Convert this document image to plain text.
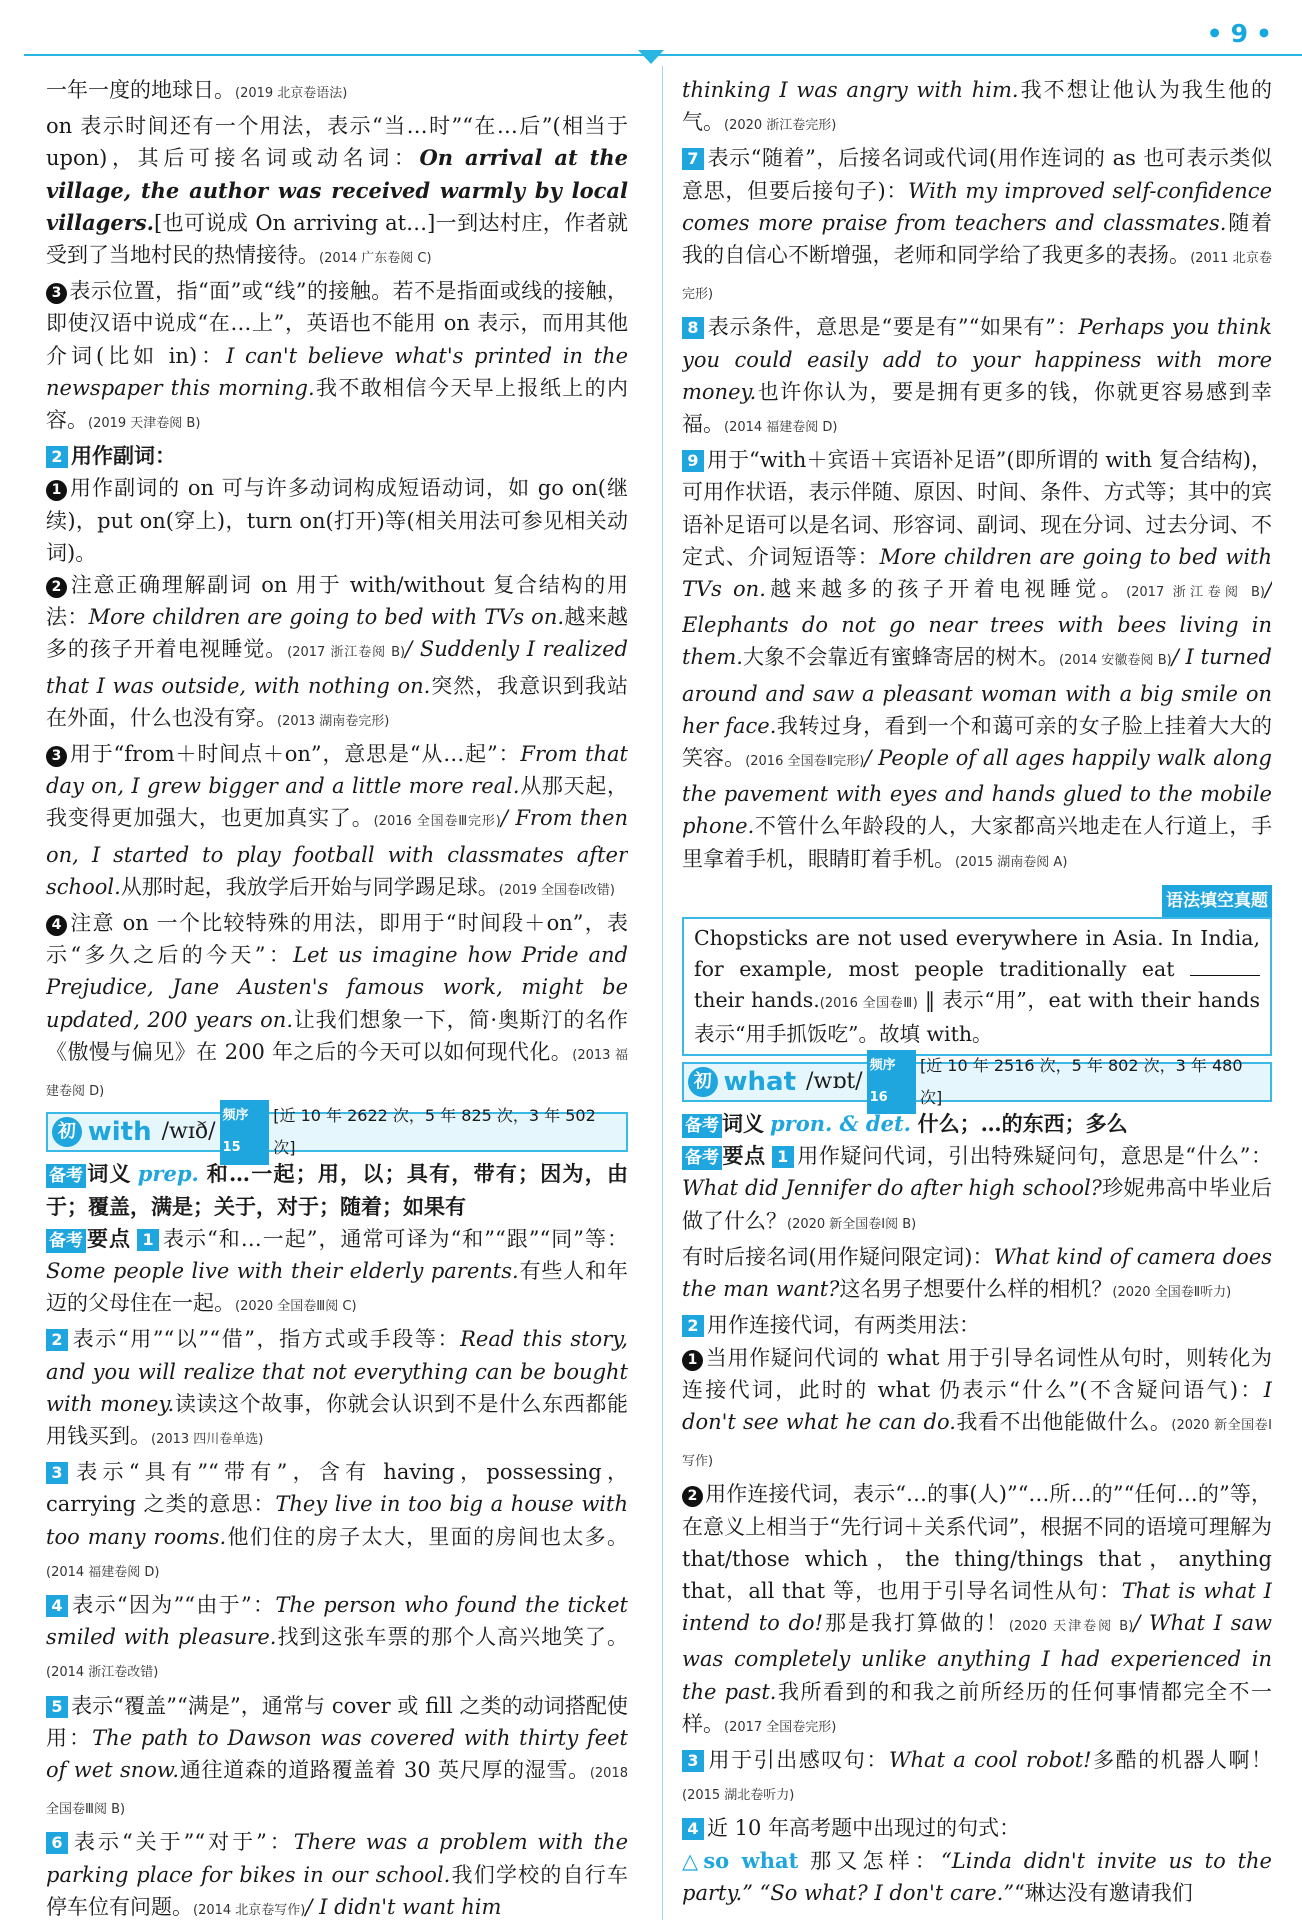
•9•

一年一度的地球日。(2019 北京卷语法)

on 表示时间还有一个用法，表示“当…时”“在…后”(相当于 upon)，其后可接名词或动名词：On arrival at the village, the author was received warmly by local villagers.[也可说成 On arriving at…]一到达村庄，作者就受到了当地村民的热情接待。(2014 广东卷阅 C)

3 表示位置，指“面”或“线”的接触。若不是指面或线的接触，即使汉语中说成“在…上”，英语也不能用 on 表示，而用其他介词(比如 in)：I can't believe what's printed in the newspaper this morning.我不敢相信今天早上报纸上的内容。(2019 天津卷阅 B)

2 用作副词：

1 用作副词的 on 可与许多动词构成短语动词，如 go on(继续)，put on(穿上)，turn on(打开)等(相关用法可参见相关动词)。

2 注意正确理解副词 on 用于 with/without 复合结构的用法：More children are going to bed with TVs on.越来越多的孩子开着电视睡觉。(2017 浙江卷阅 B)/ Suddenly I realized that I was outside, with nothing on.突然，我意识到我站在外面，什么也没有穿。(2013 湖南卷完形)

3 用于“from＋时间点＋on”，意思是“从…起”：From that day on, I grew bigger and a little more real.从那天起，我变得更加强大，也更加真实了。(2016 全国卷Ⅲ完形)/ From then on, I started to play football with classmates after school.从那时起，我放学后开始与同学踢足球。(2019 全国卷Ⅰ改错)

4 注意 on 一个比较特殊的用法，即用于“时间段＋on”，表示“多久之后的今天”：Let us imagine how Pride and Prejudice, Jane Austen's famous work, might be updated, 200 years on.让我们想象一下，简·奥斯汀的名作《傲慢与偏见》在 200 年之后的今天可以如何现代化。(2013 福建卷阅 D)

初 with /wɪð/
频序15
[近 10 年 2622 次，5 年 825 次，3 年 502 次]

备考 词义 prep. 和…一起；用，以；具有，带有；因为，由于；覆盖，满是；关于，对于；随着；如果有

备考 要点 1 表示“和…一起”，通常可译为“和”“跟”“同”等：Some people live with their elderly parents.有些人和年迈的父母住在一起。(2020 全国卷Ⅲ阅 C)

2 表示“用”“以”“借”，指方式或手段等：Read this story, and you will realize that not everything can be bought with money.读读这个故事，你就会认识到不是什么东西都能用钱买到。(2013 四川卷单选)

3 表示“具有”“带有”，含有 having，possessing，carrying 之类的意思：They live in too big a house with too many rooms.他们住的房子太大，里面的房间也太多。(2014 福建卷阅 D)

4 表示“因为”“由于”：The person who found the ticket smiled with pleasure.找到这张车票的那个人高兴地笑了。(2014 浙江卷改错)

5 表示“覆盖”“满是”，通常与 cover 或 fill 之类的动词搭配使用：The path to Dawson was covered with thirty feet of wet snow.通往道森的道路覆盖着 30 英尺厚的湿雪。(2018 全国卷Ⅲ阅 B)

6 表示“关于”“对于”：There was a problem with the parking place for bikes in our school.我们学校的自行车停车位有问题。(2014 北京卷写作)/ I didn't want him

thinking I was angry with him.我不想让他认为我生他的气。(2020 浙江卷完形)

7 表示“随着”，后接名词或代词(用作连词的 as 也可表示类似意思，但要后接句子)：With my improved self-confidence comes more praise from teachers and classmates.随着我的自信心不断增强，老师和同学给了我更多的表扬。(2011 北京卷完形)

8 表示条件，意思是“要是有”“如果有”：Perhaps you think you could easily add to your happiness with more money.也许你认为，要是拥有更多的钱，你就更容易感到幸福。(2014 福建卷阅 D)

9 用于“with＋宾语＋宾语补足语”(即所谓的 with 复合结构)，可用作状语，表示伴随、原因、时间、条件、方式等；其中的宾语补足语可以是名词、形容词、副词、现在分词、过去分词、不定式、介词短语等：More children are going to bed with TVs on.越来越多的孩子开着电视睡觉。(2017 浙江卷阅 B)/ Elephants do not go near trees with bees living in them.大象不会靠近有蜜蜂寄居的树木。(2014 安徽卷阅 B)/ I turned around and saw a pleasant woman with a big smile on her face.我转过身，看到一个和蔼可亲的女子脸上挂着大大的笑容。(2016 全国卷Ⅱ完形)/ People of all ages happily walk along the pavement with eyes and hands glued to the mobile phone.不管什么年龄段的人，大家都高兴地走在人行道上，手里拿着手机，眼睛盯着手机。(2015 湖南卷阅 A)

语法填空真题
Chopsticks are not used everywhere in Asia. In India, for example, most people traditionally eat  their hands.(2016 全国卷Ⅲ) ‖ 表示“用”，eat with their hands 表示“用手抓饭吃”。故填 with。
初 what /wɒt/
频序16
[近 10 年 2516 次，5 年 802 次，3 年 480 次]

备考 词义 pron. & det. 什么；…的东西；多么

备考 要点 1 用作疑问代词，引出特殊疑问句，意思是“什么”：What did Jennifer do after high school?珍妮弗高中毕业后做了什么？(2020 新全国卷Ⅰ阅 B)

有时后接名词(用作疑问限定词)：What kind of camera does the man want?这名男子想要什么样的相机？(2020 全国卷Ⅱ听力)

2 用作连接代词，有两类用法：

1 当用作疑问代词的 what 用于引导名词性从句时，则转化为连接代词，此时的 what 仍表示“什么”(不含疑问语气)：I don't see what he can do.我看不出他能做什么。(2020 新全国卷Ⅰ写作)

2 用作连接代词，表示“…的事(人)”“…所…的”“任何…的”等，在意义上相当于“先行词＋关系代词”，根据不同的语境可理解为 that/those which，the thing/things that，anything that，all that 等，也用于引导名词性从句：That is what I intend to do!那是我打算做的！(2020 天津卷阅 B)/ What I saw was completely unlike anything I had experienced in the past.我所看到的和我之前所经历的任何事情都完全不一样。(2017 全国卷完形)

3 用于引出感叹句：What a cool robot!多酷的机器人啊！(2015 湖北卷听力)

4 近 10 年高考题中出现过的句式：

△so what 那又怎样：“Linda didn't invite us to the party.” “So what? I don't care.”“琳达没有邀请我们
